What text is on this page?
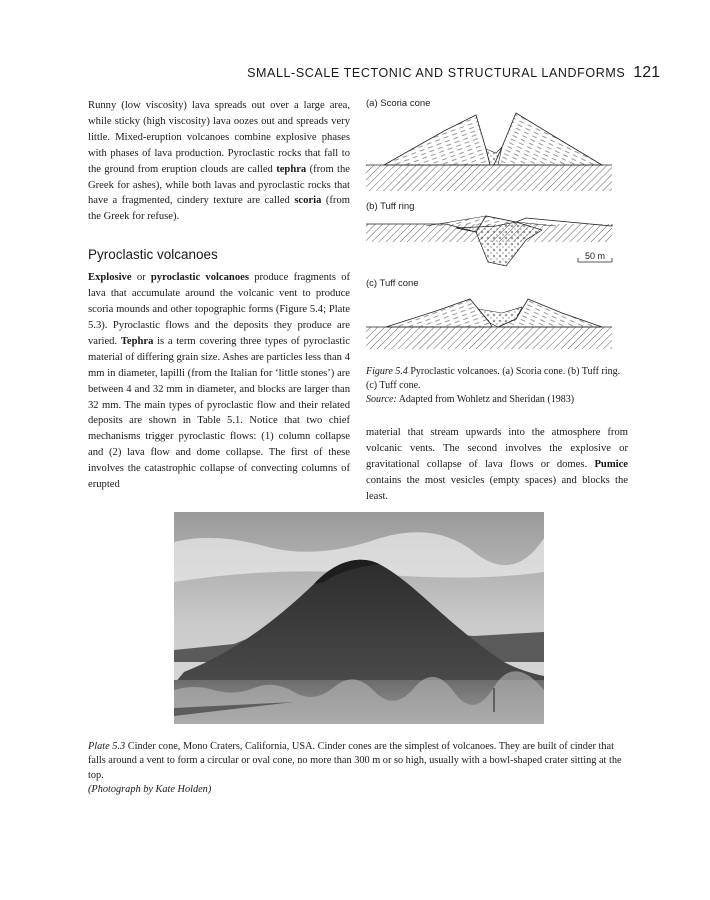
SMALL-SCALE TECTONIC AND STRUCTURAL LANDFORMS 121

Runny (low viscosity) lava spreads out over a large area, while sticky (high viscosity) lava oozes out and spreads very little. Mixed-eruption volcanoes combine explosive phases with phases of lava production. Pyroclastic rocks that fall to the ground from eruption clouds are called tephra (from the Greek for ashes), while both lavas and pyroclastic rocks that have a fragmented, cindery texture are called scoria (from the Greek for refuse).

Pyroclastic volcanoes

Explosive or pyroclastic volcanoes produce fragments of lava that accumulate around the volcanic vent to produce scoria mounds and other topographic forms (Figure 5.4; Plate 5.3). Pyroclastic flows and the deposits they produce are varied. Tephra is a term covering three types of pyroclastic material of differing grain size. Ashes are particles less than 4 mm in diameter, lapilli (from the Italian for ‘little stones’) are between 4 and 32 mm in diameter, and blocks are larger than 32 mm. The main types of pyroclastic flow and their related deposits are shown in Table 5.1. Notice that two chief mechanisms trigger pyroclastic flows: (1) column collapse and (2) lava flow and dome collapse. The first of these involves the catastrophic collapse of convecting columns of erupted

(a) Scoria cone
(b) Tuff ring
50 m
(c) Tuff cone
Figure 5.4 Pyroclastic volcanoes. (a) Scoria cone. (b) Tuff ring. (c) Tuff cone.
Source: Adapted from Wohletz and Sheridan (1983)

material that stream upwards into the atmosphere from volcanic vents. The second involves the explosive or gravitational collapse of lava flows or domes. Pumice contains the most vesicles (empty spaces) and blocks the least.

Plate 5.3 Cinder cone, Mono Craters, California, USA. Cinder cones are the simplest of volcanoes. They are built of cinder that falls around a vent to form a circular or oval cone, no more than 300 m or so high, usually with a bowl-shaped crater sitting at the top.
(Photograph by Kate Holden)
